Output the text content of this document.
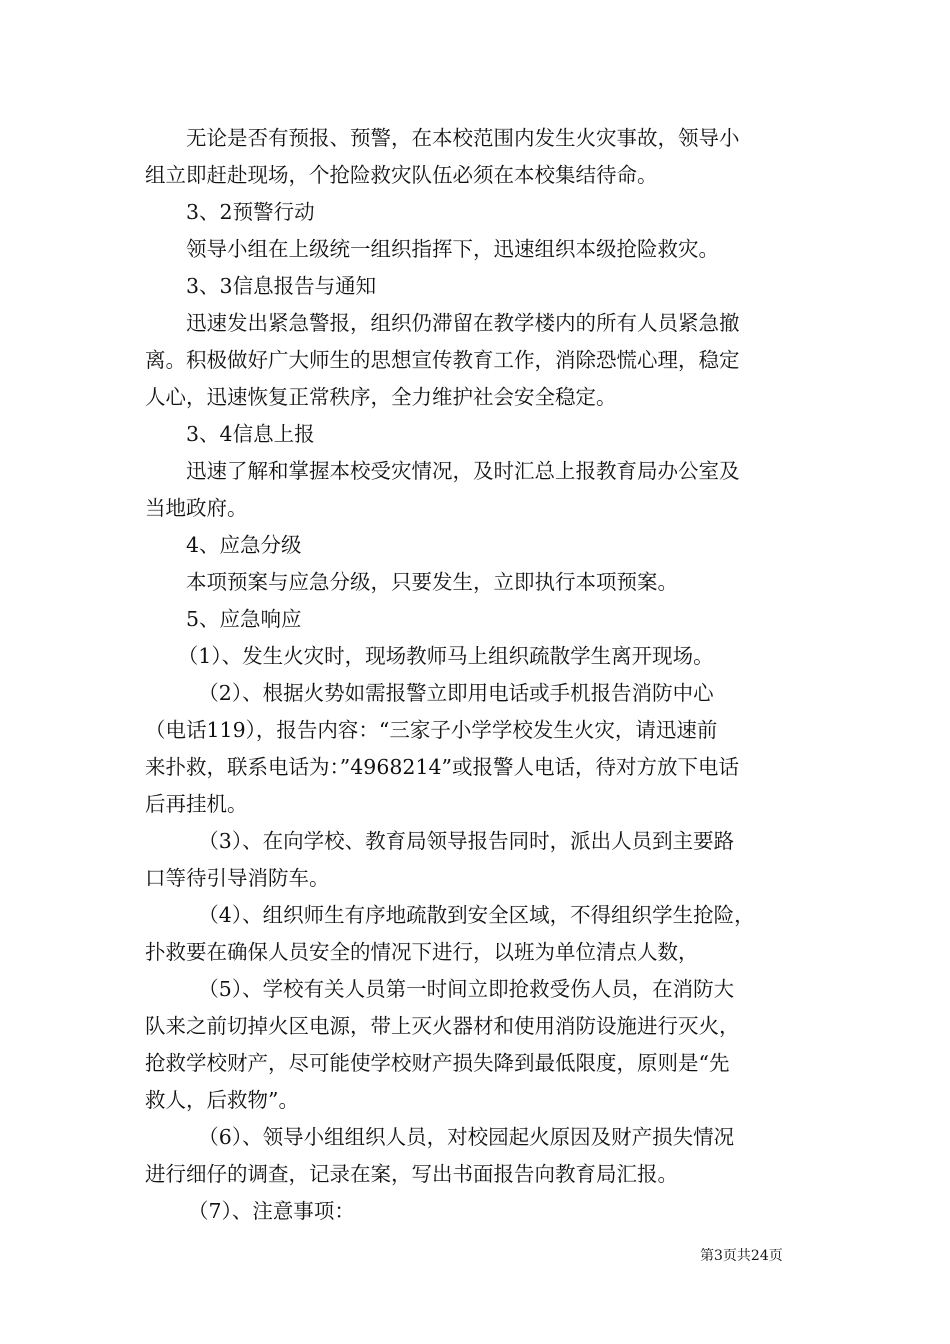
无论是否有预报、预警，在本校范围内发生火灾事故，领导小
组立即赶赴现场，个抢险救灾队伍必须在本校集结待命。
3、2预警行动
领导小组在上级统一组织指挥下，迅速组织本级抢险救灾。
3、3信息报告与通知
迅速发出紧急警报，组织仍滞留在教学楼内的所有人员紧急撤
离。积极做好广大师生的思想宣传教育工作，消除恐慌心理，稳定
人心，迅速恢复正常秩序，全力维护社会安全稳定。
3、4信息上报
迅速了解和掌握本校受灾情况，及时汇总上报教育局办公室及
当地政府。
4、应急分级
本项预案与应急分级，只要发生，立即执行本项预案。
5、应急响应
（1）、发生火灾时，现场教师马上组织疏散学生离开现场。
（2）、根据火势如需报警立即用电话或手机报告消防中心
（电话119），报告内容：“三家子小学学校发生火灾，请迅速前
来扑救，联系电话为：”4968214”或报警人电话，待对方放下电话
后再挂机。
（3）、在向学校、教育局领导报告同时，派出人员到主要路
口等待引导消防车。
（4）、组织师生有序地疏散到安全区域，不得组织学生抢险，
扑救要在确保人员安全的情况下进行，以班为单位清点人数，
（5）、学校有关人员第一时间立即抢救受伤人员，在消防大
队来之前切掉火区电源，带上灭火器材和使用消防设施进行灭火，
抢救学校财产，尽可能使学校财产损失降到最低限度，原则是“先
救人，后救物”。
（6）、领导小组组织人员，对校园起火原因及财产损失情况
进行细仔的调查，记录在案，写出书面报告向教育局汇报。
（7）、注意事项：
第3页共24页
